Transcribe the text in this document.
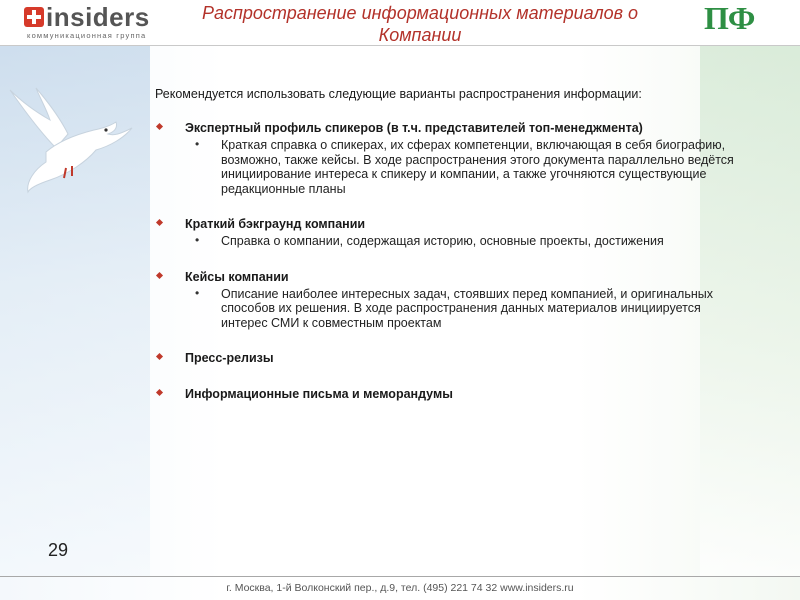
insiders
коммуникационная группа
Распространение информационных материалов о Компании	ПФ

Рекомендуется использовать следующие варианты распространения информации:

Экспертный профиль спикеров (в т.ч. представителей топ-менеджмента)
• Краткая справка о спикерах, их сферах компетенции, включающая в себя биографию, возможно, также кейсы. В ходе распространения этого документа параллельно ведётся инициирование интереса к спикеру и компании, а также угочняются существующие редакционные планы
Краткий бэкграунд компании
• Справка о компании, содержащая историю, основные проекты, достижения
Кейсы компании
• Описание наиболее интересных задач, стоявших перед компанией, и оригинальных способов их решения. В ходе распространения данных материалов инициируется интерес СМИ к совместным проектам
Пресс-релизы
Информационные письма и меморандумы
29
г. Москва, 1-й Волконский пер., д.9, тел. (495) 221 74 32 www.insiders.ru
